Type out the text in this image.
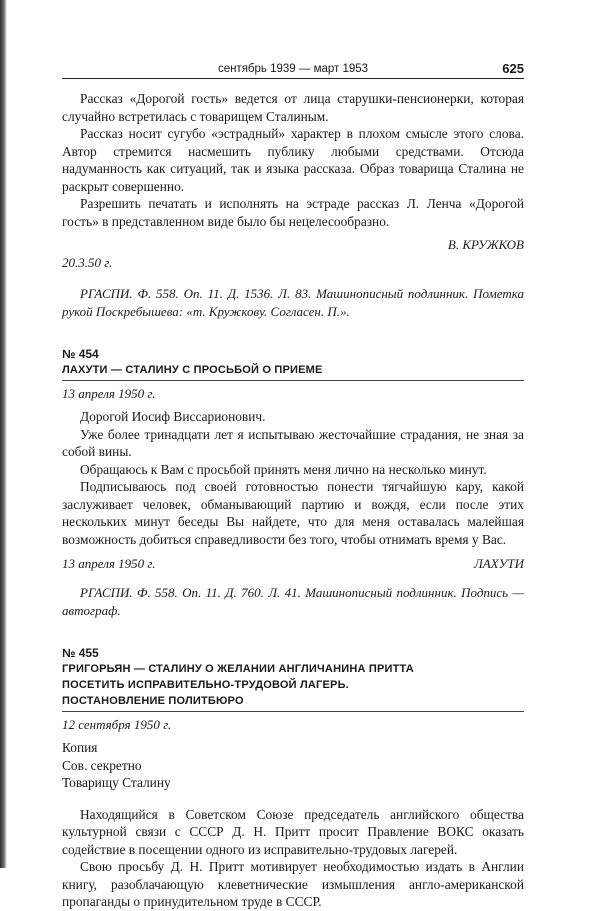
сентябрь 1939 — март 1953	625

Рассказ «Дорогой гость» ведется от лица старушки-пенсионерки, которая случайно встретилась с товарищем Сталиным.

Рассказ носит сугубо «эстрадный» характер в плохом смысле этого слова. Автор стремится насмешить публику любыми средствами. Отсюда надуманность как ситуаций, так и языка рассказа. Образ товарища Сталина не раскрыт совершенно.

Разрешить печатать и исполнять на эстраде рассказ Л. Ленча «Дорогой гость» в представленном виде было бы нецелесообразно.

В. КРУЖКОВ
20.3.50 г.

РГАСПИ. Ф. 558. Оп. 11. Д. 1536. Л. 83. Машинописный подлинник. Пометка рукой Поскребышева: «т. Кружкову. Согласен. П.».

№ 454
ЛАХУТИ — СТАЛИНУ С ПРОСЬБОЙ О ПРИЕМЕ
13 апреля 1950 г.

Дорогой Иосиф Виссарионович.

Уже более тринадцати лет я испытываю жесточайшие страдания, не зная за собой вины.

Обращаюсь к Вам с просьбой принять меня лично на несколько минут.

Подписываюсь под своей готовностью понести тягчайшую кару, какой заслуживает человек, обманывающий партию и вождя, если после этих нескольких минут беседы Вы найдете, что для меня оставалась малейшая возможность добиться справедливости без того, чтобы отнимать время у Вас.

13 апреля 1950 г.	ЛАХУТИ

РГАСПИ. Ф. 558. Оп. 11. Д. 760. Л. 41. Машинописный подлинник. Подпись — автограф.

№ 455
ГРИГОРЬЯН — СТАЛИНУ О ЖЕЛАНИИ АНГЛИЧАНИНА ПРИТТА
ПОСЕТИТЬ ИСПРАВИТЕЛЬНО-ТРУДОВОЙ ЛАГЕРЬ.
ПОСТАНОВЛЕНИЕ ПОЛИТБЮРО
12 сентября 1950 г.
Копия
Сов. секретно
Товарищу Сталину

Находящийся в Советском Союзе председатель английского общества культурной связи с СССР Д. Н. Притт просит Правление ВОКС оказать содействие в посещении одного из исправительно-трудовых лагерей.

Свою просьбу Д. Н. Притт мотивирует необходимостью издать в Англии книгу, разоблачающую клеветнические измышления англо-американской пропаганды о принудительном труде в СССР.
